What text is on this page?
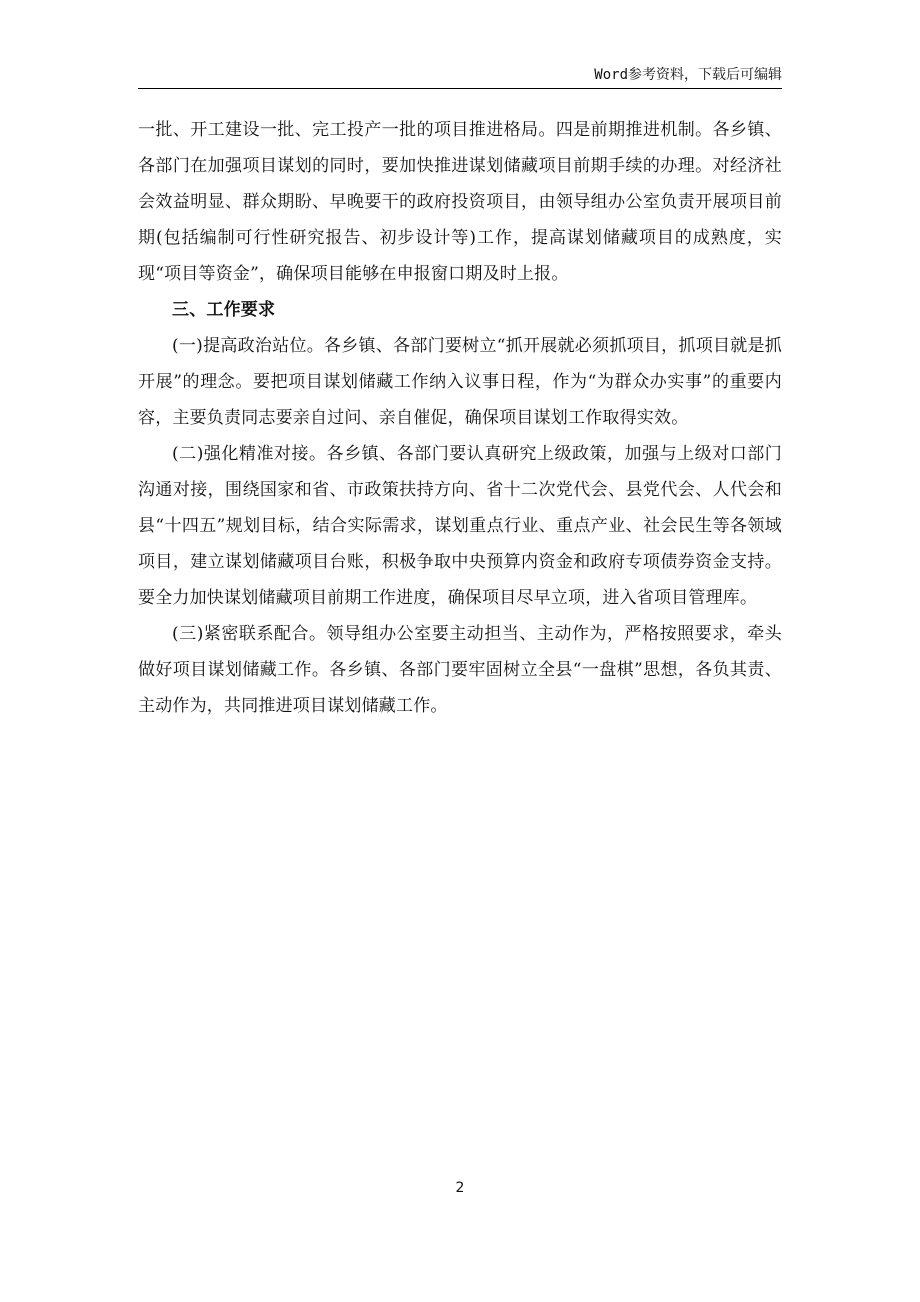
Word参考资料，下载后可编辑

一批、开工建设一批、完工投产一批的项目推进格局。四是前期推进机制。各乡镇、各部门在加强项目谋划的同时，要加快推进谋划储藏项目前期手续的办理。对经济社会效益明显、群众期盼、早晚要干的政府投资项目，由领导组办公室负责开展项目前期(包括编制可行性研究报告、初步设计等)工作，提高谋划储藏项目的成熟度，实现“项目等资金”，确保项目能够在申报窗口期及时上报。

三、工作要求

(一)提高政治站位。各乡镇、各部门要树立“抓开展就必须抓项目，抓项目就是抓开展”的理念。要把项目谋划储藏工作纳入议事日程，作为“为群众办实事”的重要内容，主要负责同志要亲自过问、亲自催促，确保项目谋划工作取得实效。

(二)强化精准对接。各乡镇、各部门要认真研究上级政策，加强与上级对口部门沟通对接，围绕国家和省、市政策扶持方向、省十二次党代会、县党代会、人代会和县“十四五”规划目标，结合实际需求，谋划重点行业、重点产业、社会民生等各领域项目，建立谋划储藏项目台账，积极争取中央预算内资金和政府专项债券资金支持。要全力加快谋划储藏项目前期工作进度，确保项目尽早立项，进入省项目管理库。

(三)紧密联系配合。领导组办公室要主动担当、主动作为，严格按照要求，牵头做好项目谋划储藏工作。各乡镇、各部门要牢固树立全县“一盘棋”思想，各负其责、主动作为，共同推进项目谋划储藏工作。

2
